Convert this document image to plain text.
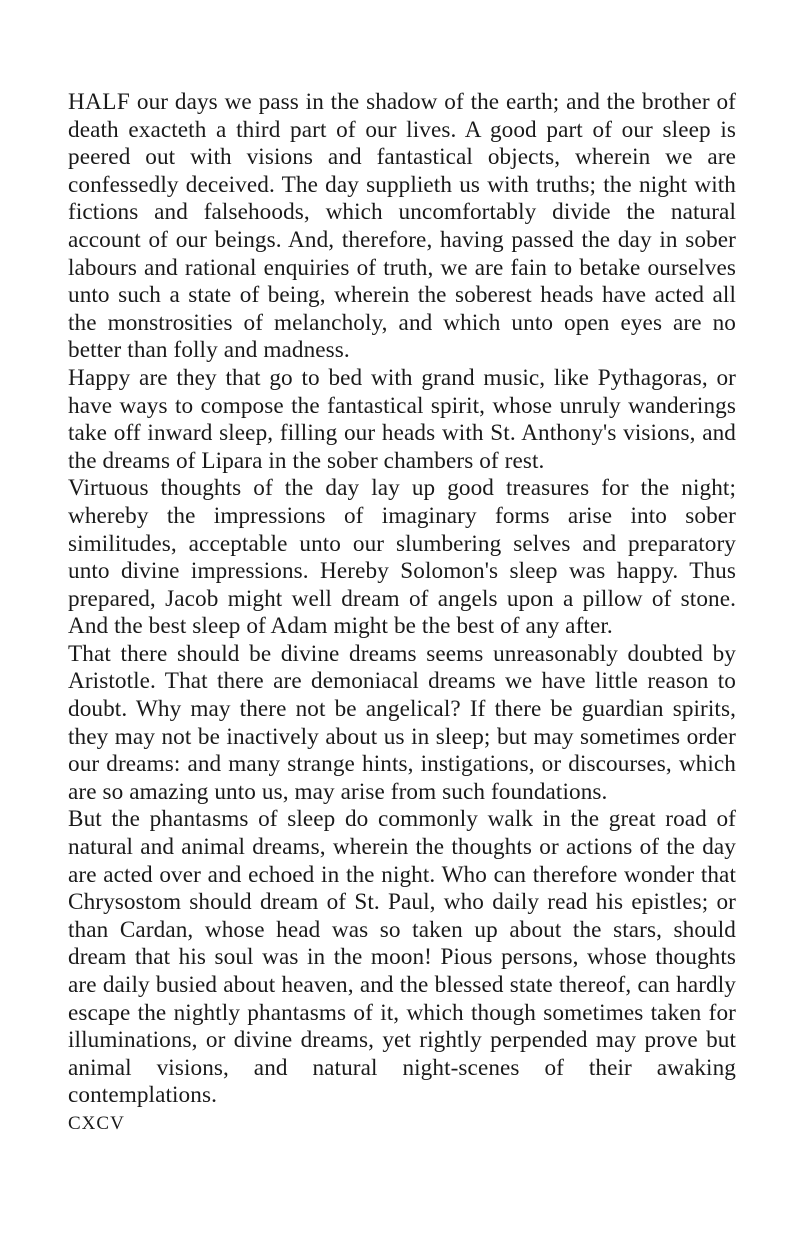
HALF our days we pass in the shadow of the earth; and the brother of death exacteth a third part of our lives. A good part of our sleep is peered out with visions and fantastical objects, wherein we are confessedly deceived. The day supplieth us with truths; the night with fictions and falsehoods, which uncomfortably divide the natural account of our beings. And, therefore, having passed the day in sober labours and rational enquiries of truth, we are fain to betake ourselves unto such a state of being, wherein the soberest heads have acted all the monstrosities of melancholy, and which unto open eyes are no better than folly and madness.

Happy are they that go to bed with grand music, like Pythagoras, or have ways to compose the fantastical spirit, whose unruly wanderings take off inward sleep, filling our heads with St. Anthony's visions, and the dreams of Lipara in the sober chambers of rest.

Virtuous thoughts of the day lay up good treasures for the night; whereby the impressions of imaginary forms arise into sober similitudes, acceptable unto our slumbering selves and preparatory unto divine impressions. Hereby Solomon's sleep was happy. Thus prepared, Jacob might well dream of angels upon a pillow of stone. And the best sleep of Adam might be the best of any after.

That there should be divine dreams seems unreasonably doubted by Aristotle. That there are demoniacal dreams we have little reason to doubt. Why may there not be angelical? If there be guardian spirits, they may not be inactively about us in sleep; but may sometimes order our dreams: and many strange hints, instigations, or discourses, which are so amazing unto us, may arise from such foundations.

But the phantasms of sleep do commonly walk in the great road of natural and animal dreams, wherein the thoughts or actions of the day are acted over and echoed in the night. Who can therefore wonder that Chrysostom should dream of St. Paul, who daily read his epistles; or than Cardan, whose head was so taken up about the stars, should dream that his soul was in the moon! Pious persons, whose thoughts are daily busied about heaven, and the blessed state thereof, can hardly escape the nightly phantasms of it, which though sometimes taken for illuminations, or divine dreams, yet rightly perpended may prove but animal visions, and natural night-scenes of their awaking contemplations.

CXCV
